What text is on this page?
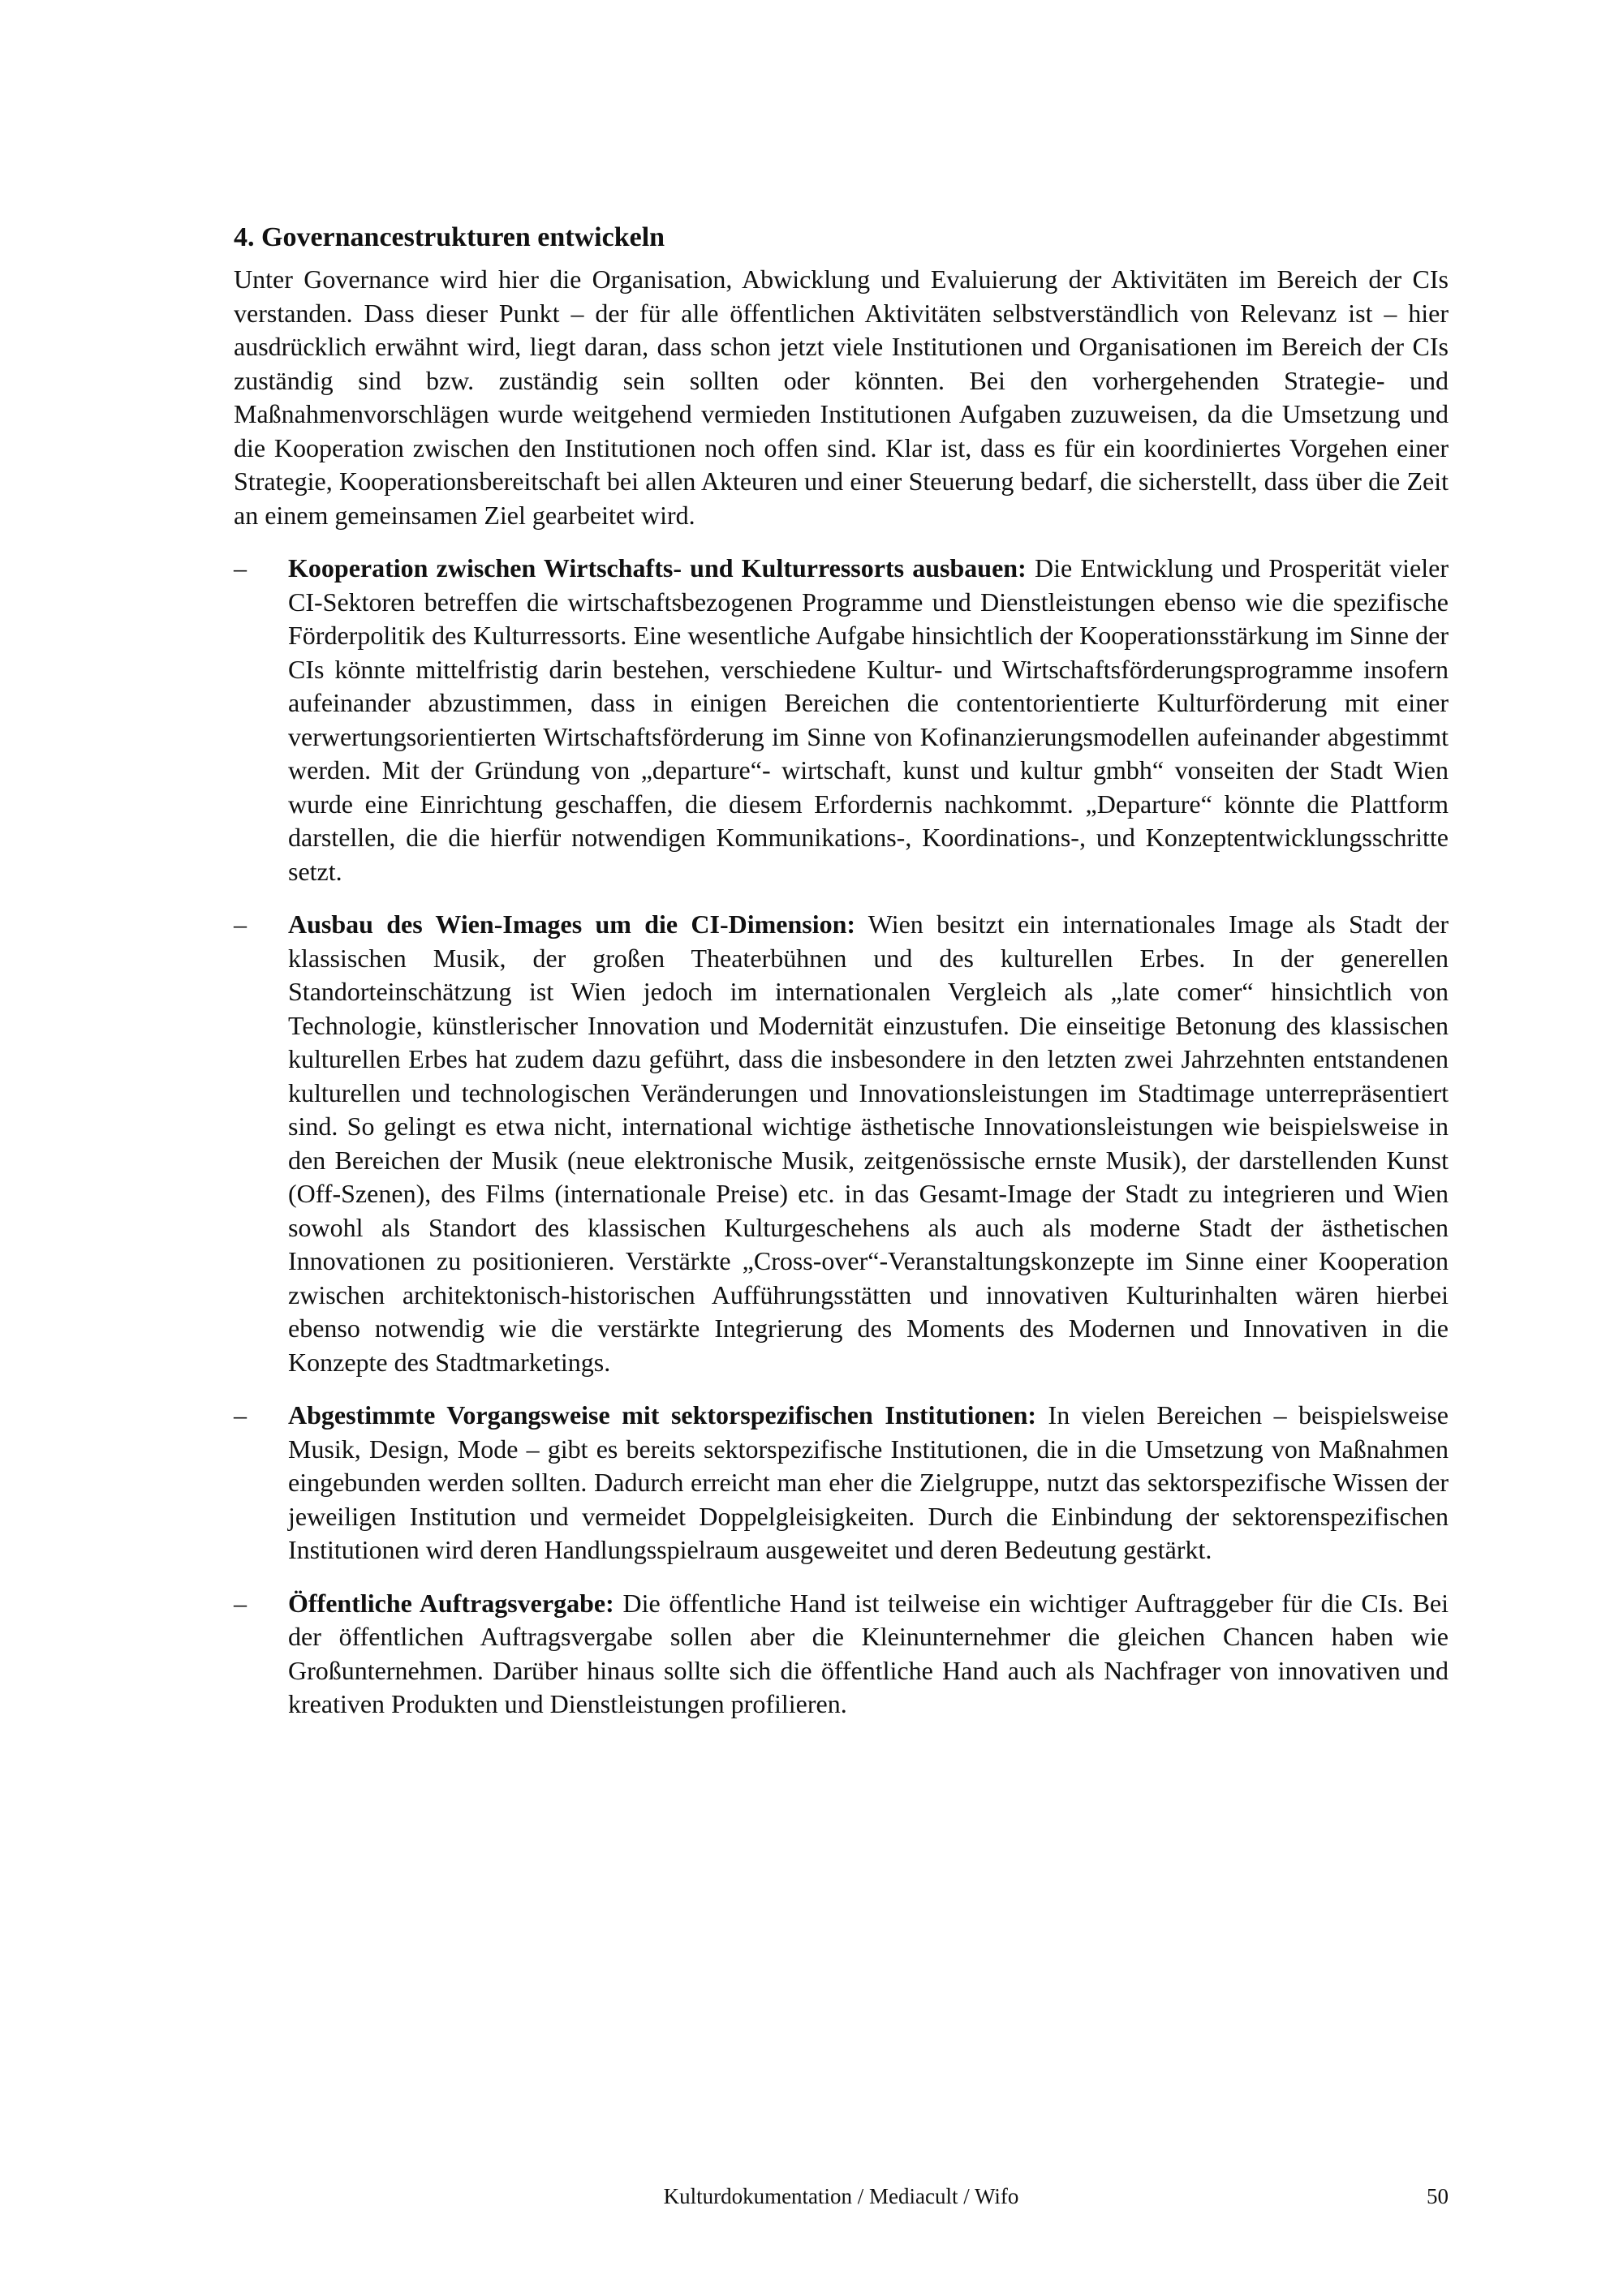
4. Governancestrukturen entwickeln

Unter Governance wird hier die Organisation, Abwicklung und Evaluierung der Aktivitäten im Bereich der CIs verstanden. Dass dieser Punkt – der für alle öffentlichen Aktivitäten selbstverständlich von Relevanz ist – hier ausdrücklich erwähnt wird, liegt daran, dass schon jetzt viele Institutionen und Organisationen im Bereich der CIs zuständig sind bzw. zuständig sein sollten oder könnten. Bei den vorhergehenden Strategie- und Maßnahmenvorschlägen wurde weitgehend vermieden Institutionen Aufgaben zuzuweisen, da die Umsetzung und die Kooperation zwischen den Institutionen noch offen sind. Klar ist, dass es für ein koordiniertes Vorgehen einer Strategie, Kooperationsbereitschaft bei allen Akteuren und einer Steuerung bedarf, die sicherstellt, dass über die Zeit an einem gemeinsamen Ziel gearbeitet wird.

–	Kooperation zwischen Wirtschafts- und Kulturressorts ausbauen: Die Entwicklung und Prosperität vieler CI-Sektoren betreffen die wirtschaftsbezogenen Programme und Dienstleistungen ebenso wie die spezifische Förderpolitik des Kulturressorts. Eine wesentliche Aufgabe hinsichtlich der Kooperationsstärkung im Sinne der CIs könnte mittelfristig darin bestehen, verschiedene Kultur- und Wirtschaftsförderungsprogramme insofern aufeinander abzustimmen, dass in einigen Bereichen die contentorientierte Kulturförderung mit einer verwertungsorientierten Wirtschaftsförderung im Sinne von Kofinanzierungsmodellen aufeinander abgestimmt werden. Mit der Gründung von „departure“- wirtschaft, kunst und kultur gmbh“ vonseiten der Stadt Wien wurde eine Einrichtung geschaffen, die diesem Erfordernis nachkommt. „Departure“ könnte die Plattform darstellen, die die hierfür notwendigen Kommunikations-, Koordinations-, und Konzeptentwicklungsschritte setzt.
–	Ausbau des Wien-Images um die CI-Dimension: Wien besitzt ein internationales Image als Stadt der klassischen Musik, der großen Theaterbühnen und des kulturellen Erbes. In der generellen Standorteinschätzung ist Wien jedoch im internationalen Vergleich als „late comer“ hinsichtlich von Technologie, künstlerischer Innovation und Modernität einzustufen. Die einseitige Betonung des klassischen kulturellen Erbes hat zudem dazu geführt, dass die insbesondere in den letzten zwei Jahrzehnten entstandenen kulturellen und technologischen Veränderungen und Innovationsleistungen im Stadtimage unterrepräsentiert sind. So gelingt es etwa nicht, international wichtige ästhetische Innovationsleistungen wie beispielsweise in den Bereichen der Musik (neue elektronische Musik, zeitgenössische ernste Musik), der darstellenden Kunst (Off-Szenen), des Films (internationale Preise) etc. in das Gesamt-Image der Stadt zu integrieren und Wien sowohl als Standort des klassischen Kulturgeschehens als auch als moderne Stadt der ästhetischen Innovationen zu positionieren. Verstärkte „Cross-over“-Veranstaltungskonzepte im Sinne einer Kooperation zwischen architektonisch-historischen Aufführungsstätten und innovativen Kulturinhalten wären hierbei ebenso notwendig wie die verstärkte Integrierung des Moments des Modernen und Innovativen in die Konzepte des Stadtmarketings.
–	Abgestimmte Vorgangsweise mit sektorspezifischen Institutionen: In vielen Bereichen – beispielsweise Musik, Design, Mode – gibt es bereits sektorspezifische Institutionen, die in die Umsetzung von Maßnahmen eingebunden werden sollten. Dadurch erreicht man eher die Zielgruppe, nutzt das sektorspezifische Wissen der jeweiligen Institution und vermeidet Doppelgleisigkeiten. Durch die Einbindung der sektorenspezifischen Institutionen wird deren Handlungsspielraum ausgeweitet und deren Bedeutung gestärkt.
–	Öffentliche Auftragsvergabe: Die öffentliche Hand ist teilweise ein wichtiger Auftraggeber für die CIs. Bei der öffentlichen Auftragsvergabe sollen aber die Kleinunternehmer die gleichen Chancen haben wie Großunternehmen. Darüber hinaus sollte sich die öffentliche Hand auch als Nachfrager von innovativen und kreativen Produkten und Dienstleistungen profilieren.
Kulturdokumentation / Mediacult / Wifo	50
